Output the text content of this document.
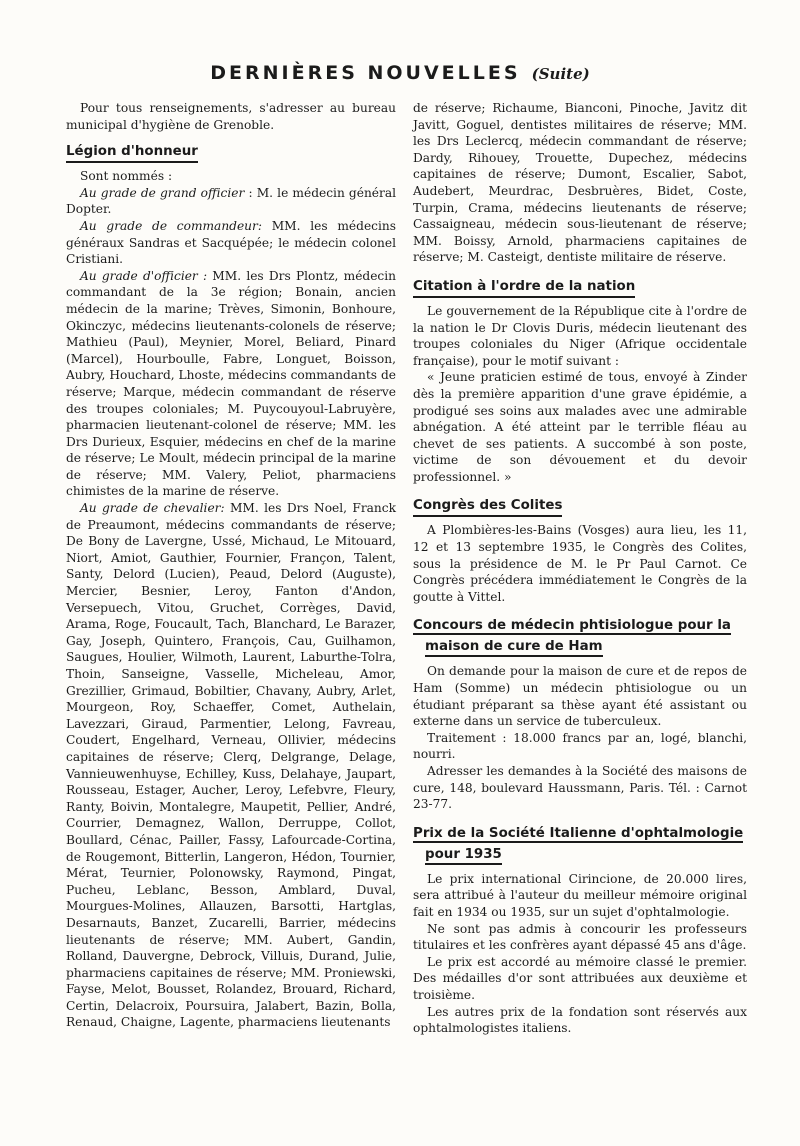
DERNIÈRES NOUVELLES (Suite)

Pour tous renseignements, s'adresser au bureau municipal d'hygiène de Grenoble.

Légion d'honneur

Sont nommés :

Au grade de grand officier : M. le médecin général Dopter.

Au grade de commandeur: MM. les médecins généraux Sandras et Sacquépée; le médecin colonel Cristiani.

Au grade d'officier : MM. les Drs Plontz, médecin commandant de la 3e région; Bonain, ancien médecin de la marine; Trèves, Simonin, Bonhoure, Okinczyc, médecins lieutenants-colonels de réserve; Mathieu (Paul), Meynier, Morel, Beliard, Pinard (Marcel), Hourboulle, Fabre, Longuet, Boisson, Aubry, Houchard, Lhoste, médecins commandants de réserve; Marque, médecin commandant de réserve des troupes coloniales; M. Puycouyoul-Labruyère, pharmacien lieutenant-colonel de réserve; MM. les Drs Durieux, Esquier, médecins en chef de la marine de réserve; Le Moult, médecin principal de la marine de réserve; MM. Valery, Peliot, pharmaciens chimistes de la marine de réserve.

Au grade de chevalier: MM. les Drs Noel, Franck de Preaumont, médecins commandants de réserve; De Bony de Lavergne, Ussé, Michaud, Le Mitouard, Niort, Amiot, Gauthier, Fournier, Françon, Talent, Santy, Delord (Lucien), Peaud, Delord (Auguste), Mercier, Besnier, Leroy, Fanton d'Andon, Versepuech, Vitou, Gruchet, Corrèges, David, Arama, Roge, Foucault, Tach, Blanchard, Le Barazer, Gay, Joseph, Quintero, François, Cau, Guilhamon, Saugues, Houlier, Wilmoth, Laurent, Laburthe-Tolra, Thoin, Sanseigne, Vasselle, Micheleau, Amor, Grezillier, Grimaud, Bobiltier, Chavany, Aubry, Arlet, Mourgeon, Roy, Schaeffer, Comet, Authelain, Lavezzari, Giraud, Parmentier, Lelong, Favreau, Coudert, Engelhard, Verneau, Ollivier, médecins capitaines de réserve; Clerq, Delgrange, Delage, Vannieuwenhuyse, Echilley, Kuss, Delahaye, Jaupart, Rousseau, Estager, Aucher, Leroy, Lefebvre, Fleury, Ranty, Boivin, Montalegre, Maupetit, Pellier, André, Courrier, Demagnez, Wallon, Derruppe, Collot, Boullard, Cénac, Pailler, Fassy, Lafourcade-Cortina, de Rougemont, Bitterlin, Langeron, Hédon, Tournier, Mérat, Teurnier, Polonowsky, Raymond, Pingat, Pucheu, Leblanc, Besson, Amblard, Duval, Mourgues-Molines, Allauzen, Barsotti, Hartglas, Desarnauts, Banzet, Zucarelli, Barrier, médecins lieutenants de réserve; MM. Aubert, Gandin, Rolland, Dauvergne, Debrock, Villuis, Durand, Julie, pharmaciens capitaines de réserve; MM. Proniewski, Fayse, Melot, Bousset, Rolandez, Brouard, Richard, Certin, Delacroix, Poursuira, Jalabert, Bazin, Bolla, Renaud, Chaigne, Lagente, pharmaciens lieutenants

de réserve; Richaume, Bianconi, Pinoche, Javitz dit Javitt, Goguel, dentistes militaires de réserve; MM. les Drs Leclercq, médecin commandant de réserve; Dardy, Rihouey, Trouette, Dupechez, médecins capitaines de réserve; Dumont, Escalier, Sabot, Audebert, Meurdrac, Desbruères, Bidet, Coste, Turpin, Crama, médecins lieutenants de réserve; Cassaigneau, médecin sous-lieutenant de réserve; MM. Boissy, Arnold, pharmaciens capitaines de réserve; M. Casteigt, dentiste militaire de réserve.

Citation à l'ordre de la nation

Le gouvernement de la République cite à l'ordre de la nation le Dr Clovis Duris, médecin lieutenant des troupes coloniales du Niger (Afrique occidentale française), pour le motif suivant :

« Jeune praticien estimé de tous, envoyé à Zinder dès la première apparition d'une grave épidémie, a prodigué ses soins aux malades avec une admirable abnégation. A été atteint par le terrible fléau au chevet de ses patients. A succombé à son poste, victime de son dévouement et du devoir professionnel. »

Congrès des Colites

A Plombières-les-Bains (Vosges) aura lieu, les 11, 12 et 13 septembre 1935, le Congrès des Colites, sous la présidence de M. le Pr Paul Carnot. Ce Congrès précédera immédiatement le Congrès de la goutte à Vittel.

Concours de médecin phtisiologue pour la
maison de cure de Ham

On demande pour la maison de cure et de repos de Ham (Somme) un médecin phtisiologue ou un étudiant préparant sa thèse ayant été assistant ou externe dans un service de tuberculeux.

Traitement : 18.000 francs par an, logé, blanchi, nourri.

Adresser les demandes à la Société des maisons de cure, 148, boulevard Haussmann, Paris. Tél. : Carnot 23-77.

Prix de la Société Italienne d'ophtalmologie
pour 1935

Le prix international Cirincione, de 20.000 lires, sera attribué à l'auteur du meilleur mémoire original fait en 1934 ou 1935, sur un sujet d'ophtalmologie.

Ne sont pas admis à concourir les professeurs titulaires et les confrères ayant dépassé 45 ans d'âge.

Le prix est accordé au mémoire classé le premier. Des médailles d'or sont attribuées aux deuxième et troisième.

Les autres prix de la fondation sont réservés aux ophtalmologistes italiens.
